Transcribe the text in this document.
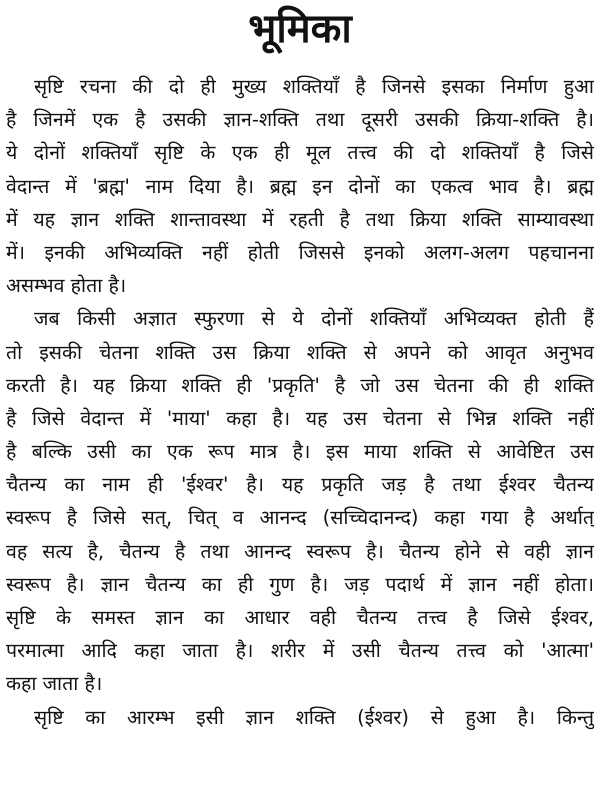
भूमिका
सृष्टि रचना की दो ही मुख्य शक्तियाँ है जिनसे इसका निर्माण हुआ
है जिनमें एक है उसकी ज्ञान-शक्ति तथा दूसरी उसकी क्रिया-शक्ति है।
ये दोनों शक्तियाँ सृष्टि के एक ही मूल तत्त्व की दो शक्तियाँ है जिसे
वेदान्त में 'ब्रह्म' नाम दिया है। ब्रह्म इन दोनों का एकत्व भाव है। ब्रह्म
में यह ज्ञान शक्ति शान्तावस्था में रहती है तथा क्रिया शक्ति साम्यावस्था
में। इनकी अभिव्यक्ति नहीं होती जिससे इनको अलग-अलग पहचानना
असम्भव होता है।
जब किसी अज्ञात स्फुरणा से ये दोनों शक्तियाँ अभिव्यक्त होती हैं
तो इसकी चेतना शक्ति उस क्रिया शक्ति से अपने को आवृत अनुभव
करती है। यह क्रिया शक्ति ही 'प्रकृति' है जो उस चेतना की ही शक्ति
है जिसे वेदान्त में 'माया' कहा है। यह उस चेतना से भिन्न शक्ति नहीं
है बल्कि उसी का एक रूप मात्र है। इस माया शक्ति से आवेष्टित उस
चैतन्य का नाम ही 'ईश्वर' है। यह प्रकृति जड़ है तथा ईश्वर चैतन्य
स्वरूप है जिसे सत्, चित् व आनन्द (सच्चिदानन्द) कहा गया है अर्थात्
वह सत्य है, चैतन्य है तथा आनन्द स्वरूप है। चैतन्य होने से वही ज्ञान
स्वरूप है। ज्ञान चैतन्य का ही गुण है। जड़ पदार्थ में ज्ञान नहीं होता।
सृष्टि के समस्त ज्ञान का आधार वही चैतन्य तत्त्व है जिसे ईश्वर,
परमात्मा आदि कहा जाता है। शरीर में उसी चैतन्य तत्त्व को 'आत्मा'
कहा जाता है।
सृष्टि का आरम्भ इसी ज्ञान शक्ति (ईश्वर) से हुआ है। किन्तु
